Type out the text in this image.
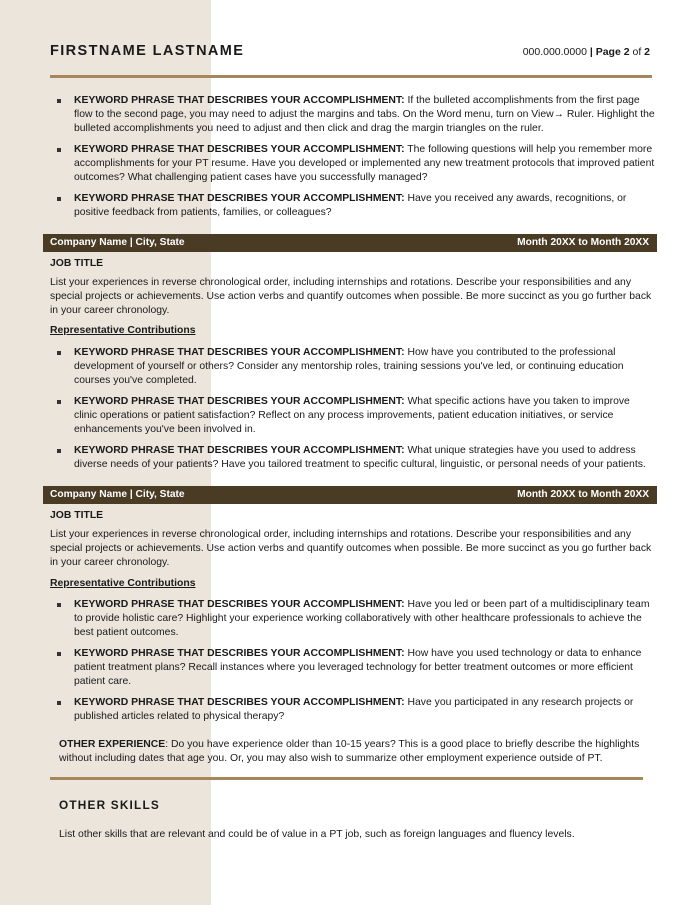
FIRSTNAME LASTNAME	000.000.0000 | Page 2 of 2
KEYWORD PHRASE THAT DESCRIBES YOUR ACCOMPLISHMENT: If the bulleted accomplishments from the first page flow to the second page, you may need to adjust the margins and tabs. On the Word menu, turn on View→ Ruler. Highlight the bulleted accomplishments you need to adjust and then click and drag the margin triangles on the ruler.
KEYWORD PHRASE THAT DESCRIBES YOUR ACCOMPLISHMENT: The following questions will help you remember more accomplishments for your PT resume. Have you developed or implemented any new treatment protocols that improved patient outcomes? What challenging patient cases have you successfully managed?
KEYWORD PHRASE THAT DESCRIBES YOUR ACCOMPLISHMENT: Have you received any awards, recognitions, or positive feedback from patients, families, or colleagues?
Company Name | City, State	Month 20XX to Month 20XX
JOB TITLE
List your experiences in reverse chronological order, including internships and rotations. Describe your responsibilities and any special projects or achievements. Use action verbs and quantify outcomes when possible. Be more succinct as you go further back in your career chronology.
Representative Contributions
KEYWORD PHRASE THAT DESCRIBES YOUR ACCOMPLISHMENT: How have you contributed to the professional development of yourself or others? Consider any mentorship roles, training sessions you've led, or continuing education courses you've completed.
KEYWORD PHRASE THAT DESCRIBES YOUR ACCOMPLISHMENT: What specific actions have you taken to improve clinic operations or patient satisfaction? Reflect on any process improvements, patient education initiatives, or service enhancements you've been involved in.
KEYWORD PHRASE THAT DESCRIBES YOUR ACCOMPLISHMENT: What unique strategies have you used to address diverse needs of your patients? Have you tailored treatment to specific cultural, linguistic, or personal needs of your patients.
Company Name | City, State	Month 20XX to Month 20XX
JOB TITLE
List your experiences in reverse chronological order, including internships and rotations. Describe your responsibilities and any special projects or achievements. Use action verbs and quantify outcomes when possible. Be more succinct as you go further back in your career chronology.
Representative Contributions
KEYWORD PHRASE THAT DESCRIBES YOUR ACCOMPLISHMENT: Have you led or been part of a multidisciplinary team to provide holistic care? Highlight your experience working collaboratively with other healthcare professionals to achieve the best patient outcomes.
KEYWORD PHRASE THAT DESCRIBES YOUR ACCOMPLISHMENT: How have you used technology or data to enhance patient treatment plans? Recall instances where you leveraged technology for better treatment outcomes or more efficient patient care.
KEYWORD PHRASE THAT DESCRIBES YOUR ACCOMPLISHMENT: Have you participated in any research projects or published articles related to physical therapy?
OTHER EXPERIENCE: Do you have experience older than 10-15 years? This is a good place to briefly describe the highlights without including dates that age you. Or, you may also wish to summarize other employment experience outside of PT.
OTHER SKILLS
List other skills that are relevant and could be of value in a PT job, such as foreign languages and fluency levels.
